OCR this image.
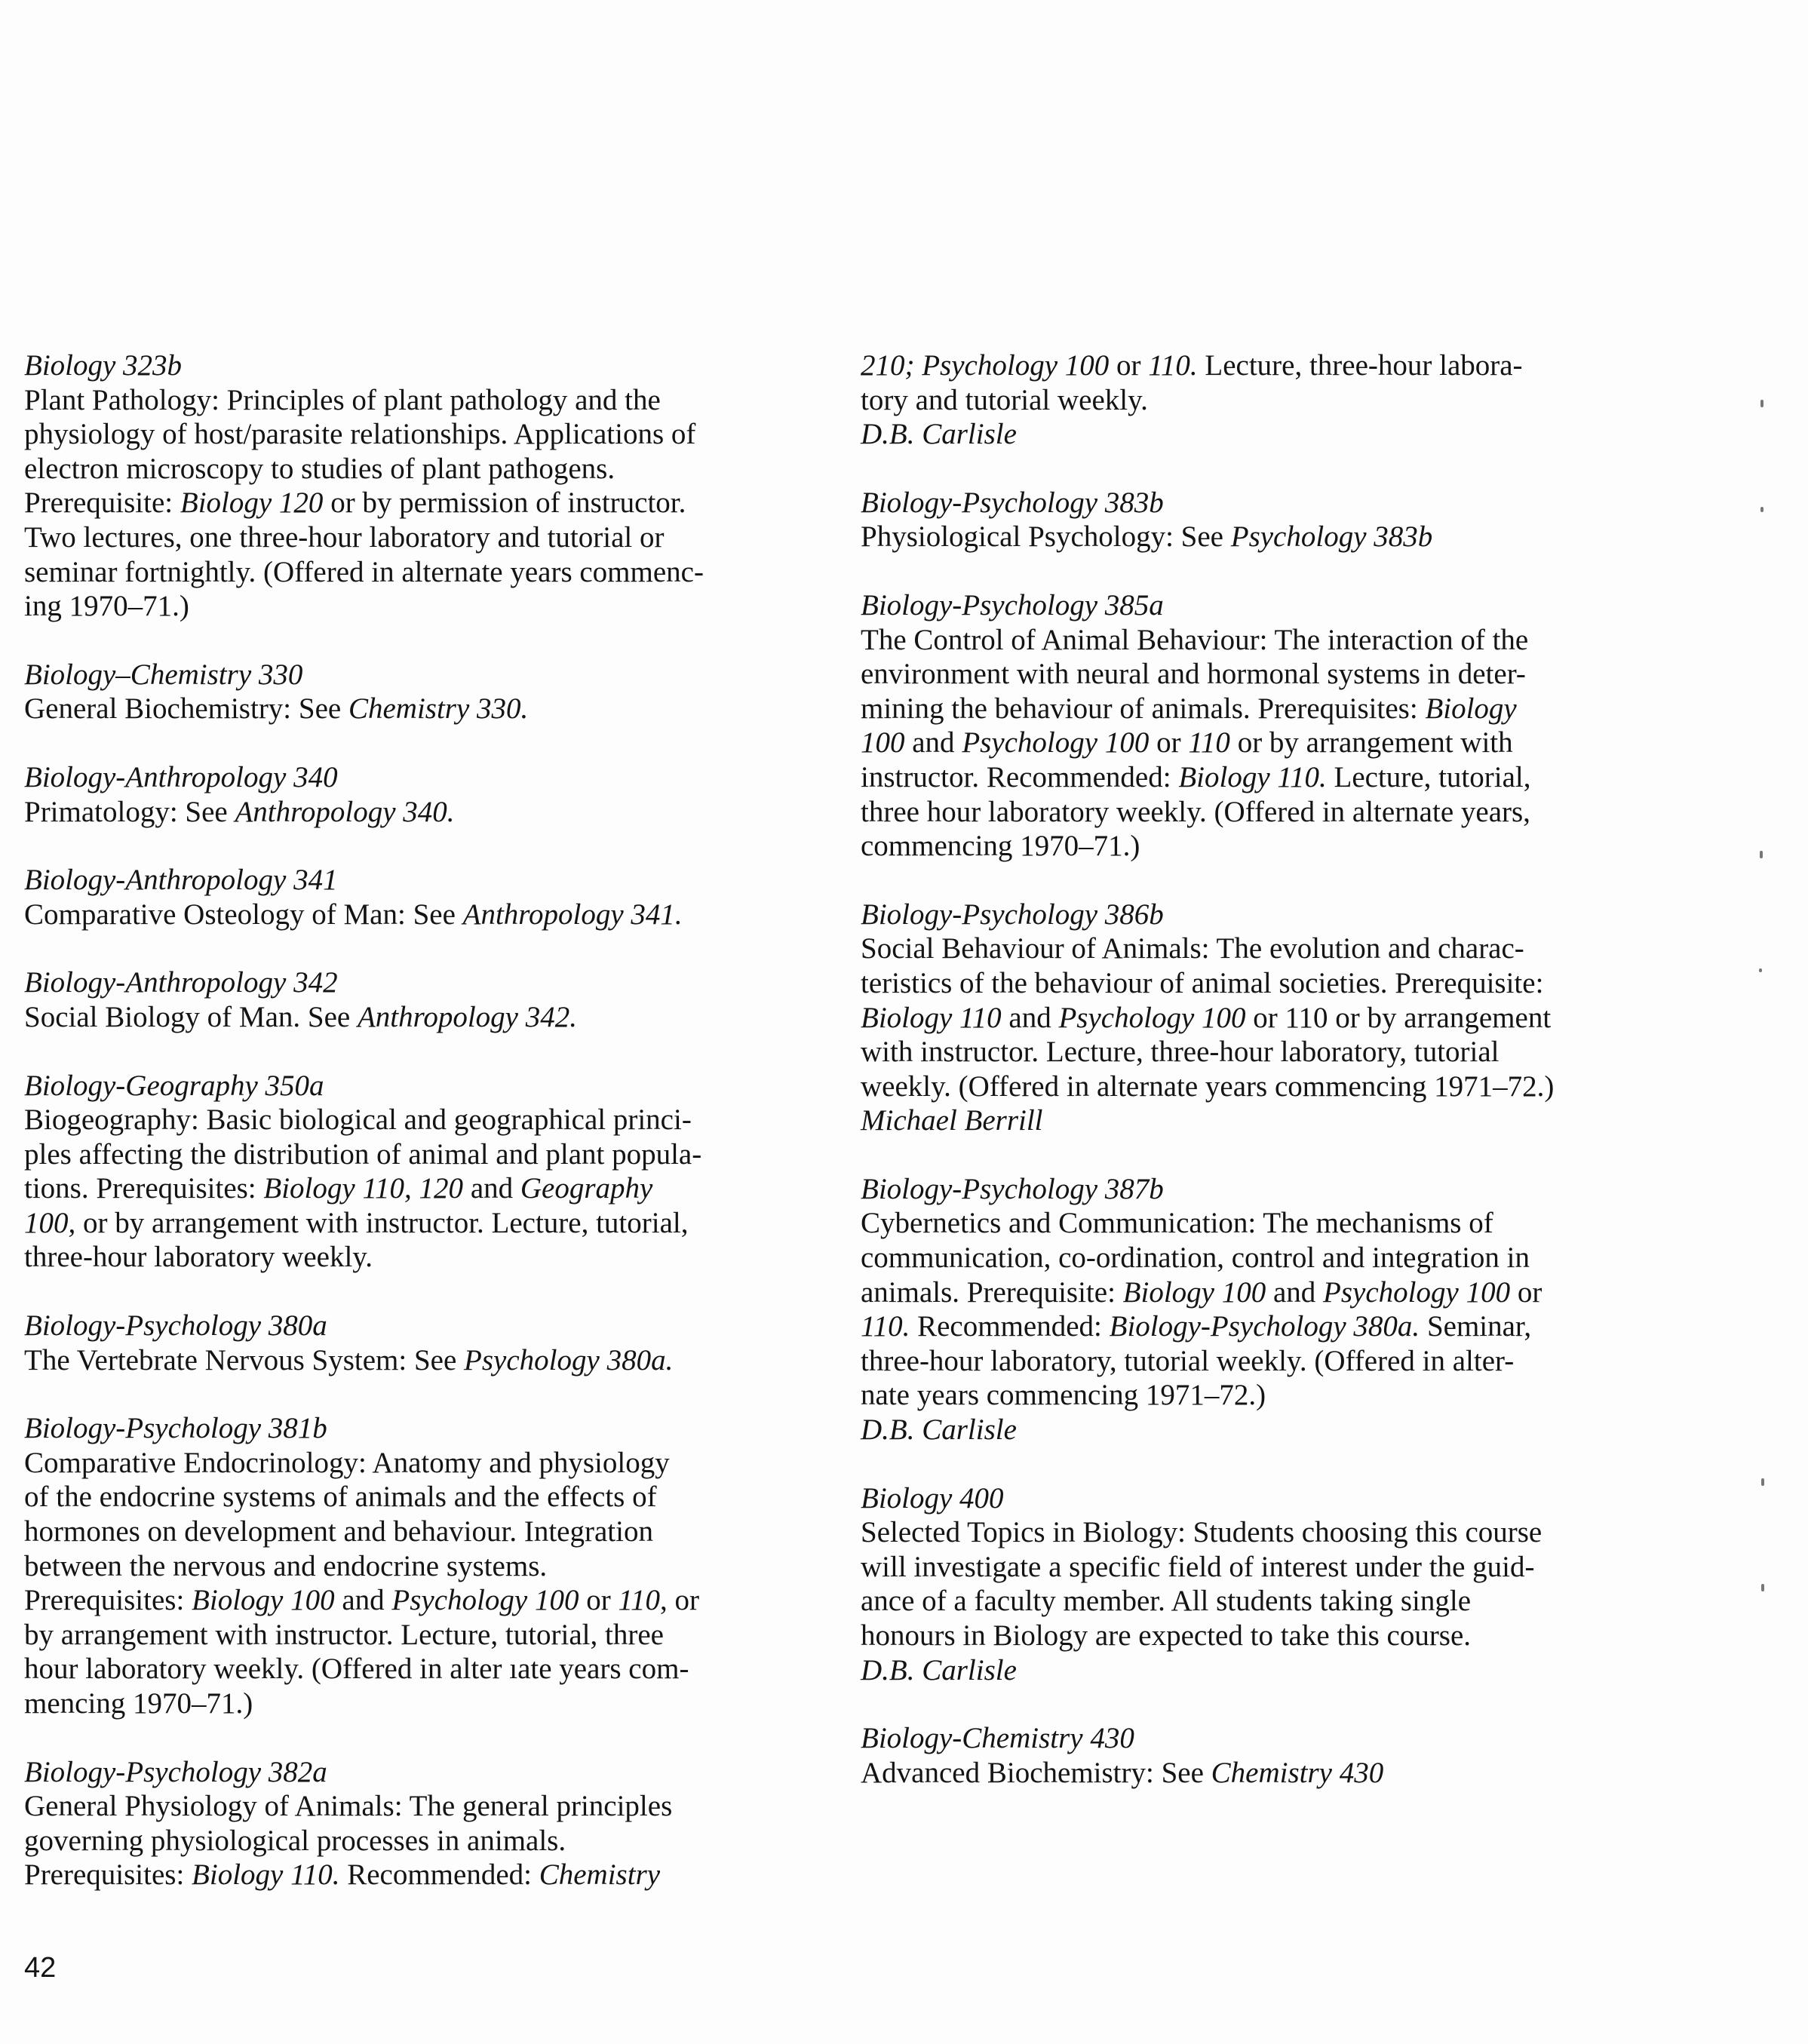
Biology 323b
Plant Pathology: Principles of plant pathology and the
physiology of host/parasite relationships. Applications of
electron microscopy to studies of plant pathogens.
Prerequisite: Biology 120 or by permission of instructor.
Two lectures, one three-hour laboratory and tutorial or
seminar fortnightly. (Offered in alternate years commenc-
ing 1970–71.)
Biology–Chemistry 330
General Biochemistry: See Chemistry 330.
Biology-Anthropology 340
Primatology: See Anthropology 340.
Biology-Anthropology 341
Comparative Osteology of Man: See Anthropology 341.
Biology-Anthropology 342
Social Biology of Man. See Anthropology 342.
Biology-Geography 350a
Biogeography: Basic biological and geographical princi-
ples affecting the distribution of animal and plant popula-
tions. Prerequisites: Biology 110, 120 and Geography
100, or by arrangement with instructor. Lecture, tutorial,
three-hour laboratory weekly.
Biology-Psychology 380a
The Vertebrate Nervous System: See Psychology 380a.
Biology-Psychology 381b
Comparative Endocrinology: Anatomy and physiology
of the endocrine systems of animals and the effects of
hormones on development and behaviour. Integration
between the nervous and endocrine systems.
Prerequisites: Biology 100 and Psychology 100 or 110, or
by arrangement with instructor. Lecture, tutorial, three
hour laboratory weekly. (Offered in alter ıate years com-
mencing 1970–71.)
Biology-Psychology 382a
General Physiology of Animals: The general principles
governing physiological processes in animals.
Prerequisites: Biology 110. Recommended: Chemistry
210; Psychology 100 or 110. Lecture, three-hour labora-
tory and tutorial weekly.
D.B. Carlisle
Biology-Psychology 383b
Physiological Psychology: See Psychology 383b
Biology-Psychology 385a
The Control of Animal Behaviour: The interaction of the
environment with neural and hormonal systems in deter-
mining the behaviour of animals. Prerequisites: Biology
100 and Psychology 100 or 110 or by arrangement with
instructor. Recommended: Biology 110. Lecture, tutorial,
three hour laboratory weekly. (Offered in alternate years,
commencing 1970–71.)
Biology-Psychology 386b
Social Behaviour of Animals: The evolution and charac-
teristics of the behaviour of animal societies. Prerequisite:
Biology 110 and Psychology 100 or 110 or by arrangement
with instructor. Lecture, three-hour laboratory, tutorial
weekly. (Offered in alternate years commencing 1971–72.)
Michael Berrill
Biology-Psychology 387b
Cybernetics and Communication: The mechanisms of
communication, co-ordination, control and integration in
animals. Prerequisite: Biology 100 and Psychology 100 or
110. Recommended: Biology-Psychology 380a. Seminar,
three-hour laboratory, tutorial weekly. (Offered in alter-
nate years commencing 1971–72.)
D.B. Carlisle
Biology 400
Selected Topics in Biology: Students choosing this course
will investigate a specific field of interest under the guid-
ance of a faculty member. All students taking single
honours in Biology are expected to take this course.
D.B. Carlisle
Biology-Chemistry 430
Advanced Biochemistry: See Chemistry 430
42
